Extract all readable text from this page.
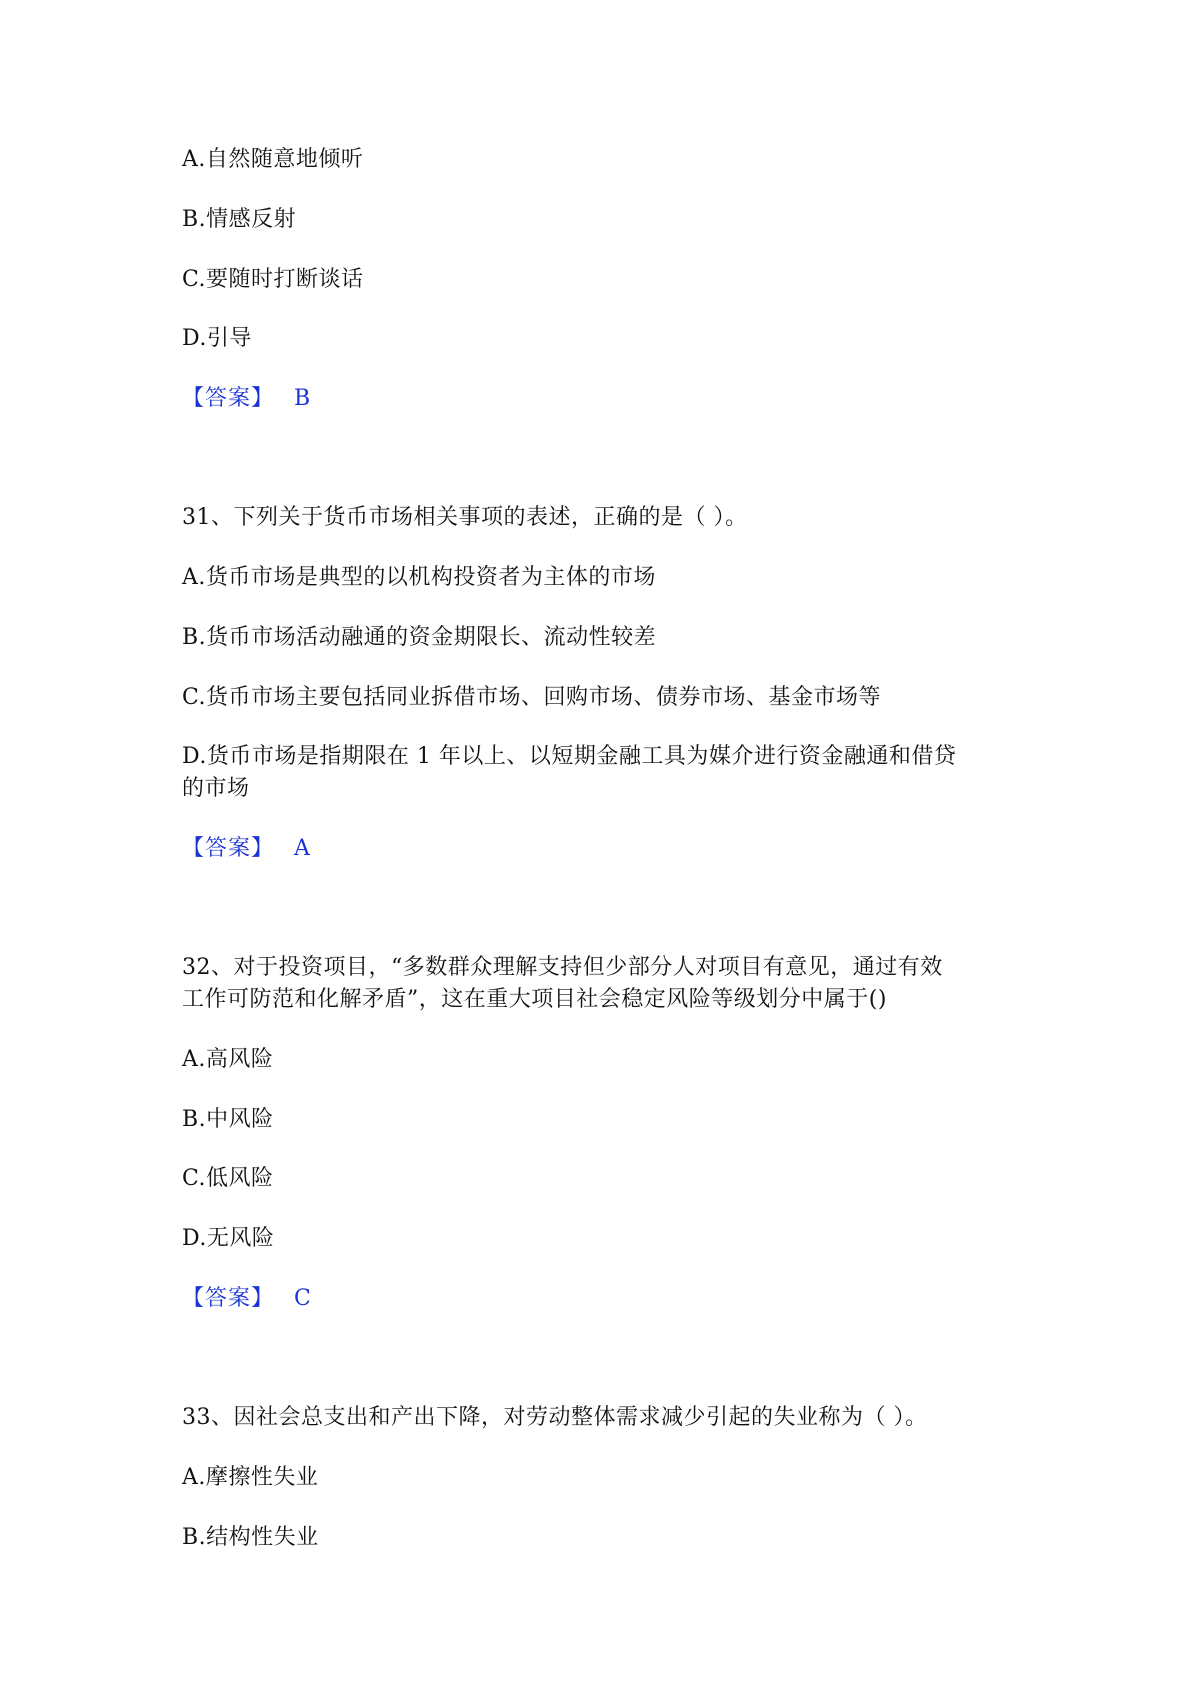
A.自然随意地倾听
B.情感反射
C.要随时打断谈话
D.引导
【答案】 B
31、下列关于货币市场相关事项的表述，正确的是（ ）。
A.货币市场是典型的以机构投资者为主体的市场
B.货币市场活动融通的资金期限长、流动性较差
C.货币市场主要包括同业拆借市场、回购市场、债券市场、基金市场等
D.货币市场是指期限在 1 年以上、以短期金融工具为媒介进行资金融通和借贷
的市场
【答案】 A
32、对于投资项目，“多数群众理解支持但少部分人对项目有意见，通过有效
工作可防范和化解矛盾”，这在重大项目社会稳定风险等级划分中属于()
A.高风险
B.中风险
C.低风险
D.无风险
【答案】 C
33、因社会总支出和产出下降，对劳动整体需求减少引起的失业称为（ ）。
A.摩擦性失业
B.结构性失业
